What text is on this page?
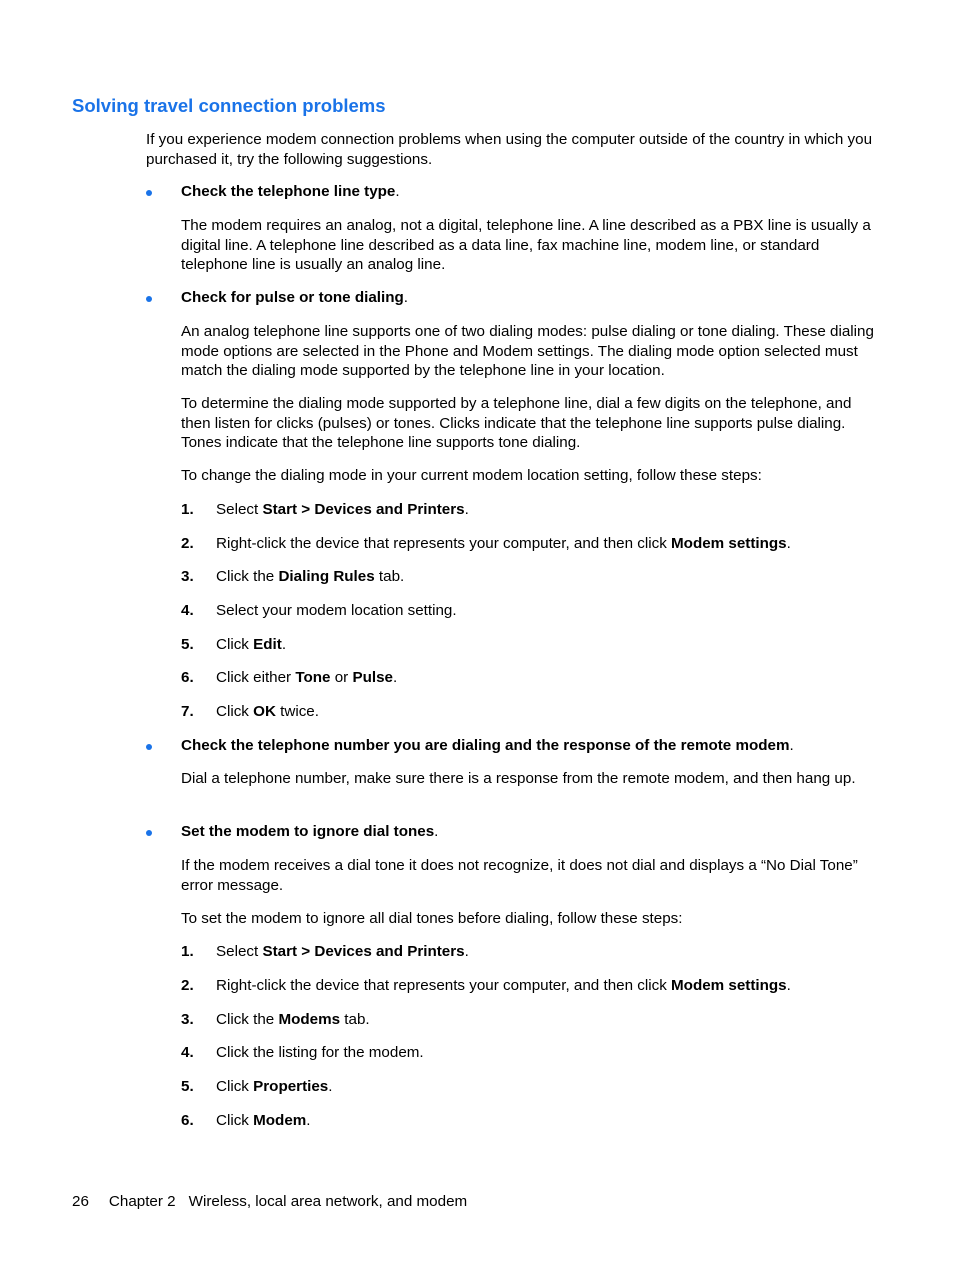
Solving travel connection problems
If you experience modem connection problems when using the computer outside of the country in which you purchased it, try the following suggestions.
Check the telephone line type.
The modem requires an analog, not a digital, telephone line. A line described as a PBX line is usually a digital line. A telephone line described as a data line, fax machine line, modem line, or standard telephone line is usually an analog line.
Check for pulse or tone dialing.
An analog telephone line supports one of two dialing modes: pulse dialing or tone dialing. These dialing mode options are selected in the Phone and Modem settings. The dialing mode option selected must match the dialing mode supported by the telephone line in your location.
To determine the dialing mode supported by a telephone line, dial a few digits on the telephone, and then listen for clicks (pulses) or tones. Clicks indicate that the telephone line supports pulse dialing. Tones indicate that the telephone line supports tone dialing.
To change the dialing mode in your current modem location setting, follow these steps:
1. Select Start > Devices and Printers.
2. Right-click the device that represents your computer, and then click Modem settings.
3. Click the Dialing Rules tab.
4. Select your modem location setting.
5. Click Edit.
6. Click either Tone or Pulse.
7. Click OK twice.
Check the telephone number you are dialing and the response of the remote modem.
Dial a telephone number, make sure there is a response from the remote modem, and then hang up.
Set the modem to ignore dial tones.
If the modem receives a dial tone it does not recognize, it does not dial and displays a “No Dial Tone” error message.
To set the modem to ignore all dial tones before dialing, follow these steps:
1. Select Start > Devices and Printers.
2. Right-click the device that represents your computer, and then click Modem settings.
3. Click the Modems tab.
4. Click the listing for the modem.
5. Click Properties.
6. Click Modem.
26 Chapter 2 Wireless, local area network, and modem
